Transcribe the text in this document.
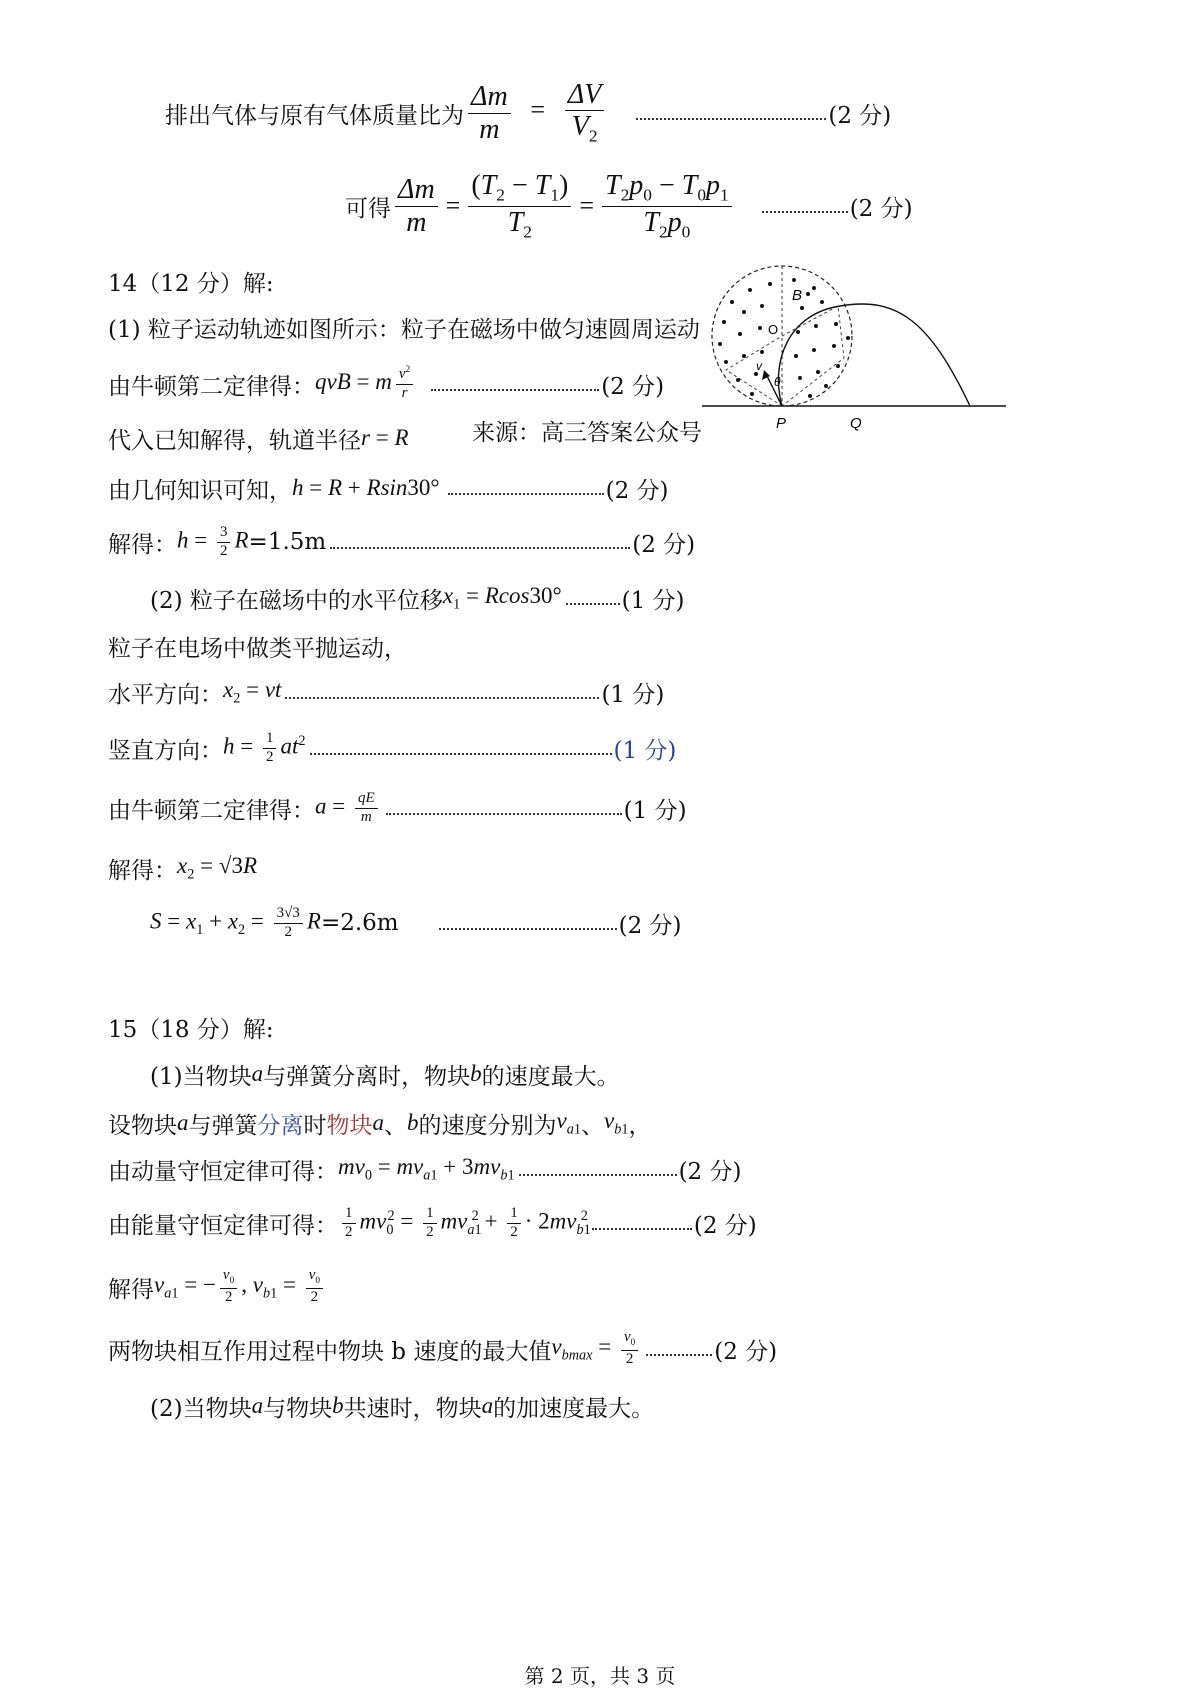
排出气体与原有气体质量比为 $\frac{\Delta m}{m} = \frac{\Delta V}{V_2}$	(2 分)
可得 $\frac{\Delta m}{m} = \frac{(T_2 - T_1)}{T_2} = \frac{T_2p_0 - T_0p_1}{T_2p_0}$	(2 分)
14（12 分）解:
(1) 粒子运动轨迹如图所示：粒子在磁场中做匀速圆周运动
由牛顿第二定律得： qvB = m $\frac{v^2}{r}$	(2 分)
代入已知解得，轨道半径 r = R	来源：高三答案公众号
由几何知识可知， h = R + Rsin30°	(2 分)
解得： $h = \frac{3}{2}$ R =1.5m	(2 分)
(2) 粒子在磁场中的水平位移 $x_1 = Rcos30^\circ$	(1 分)
粒子在电场中做类平抛运动，
水平方向： $x_2$ = vt	(1 分)
竖直方向： $h = \frac{1}{2} at^2$	(1 分)
由牛顿第二定律得： $a = \frac{qE}{m}$	(1 分)
解得： $x_2 = √3R$
$S = x_1 + x_2 = \frac{3√3}{2}$ R =2.6m	(2 分)
15（18 分）解:
(1)当物块 a 与弹簧 分离时， 物块 b 的速度最大。
设物块 a 与弹簧 分离 时 物块 a 、 b 的速度分别为 $v_{a1}$ 、 $v_{b1}$ ，
由动量守恒定律可得： $mv_0 = mv_{a1} + 3mv_{b1}$	(2 分)
由能量守恒定律可得： $\frac{1}{2} mv_0^2 = \frac{1}{2} mv_{a1}^2 + \frac{1}{2} \cdot 2mv_{b1}^2$	(2 分)
解得 $v_{a1}$ = − $\frac{v_0}{2}$ , $v_{b1} = \frac{v_0}{2}$
两物块相互作用过程中物块 b 速度的最大值 $v_{bmax} = \frac{v_0}{2}$	(2 分)
(2)当物块 a 与物块 b 共速时，物块 a 的加速度最大。
B
O
θ
v
P	Q
第 2 页，共 3 页
